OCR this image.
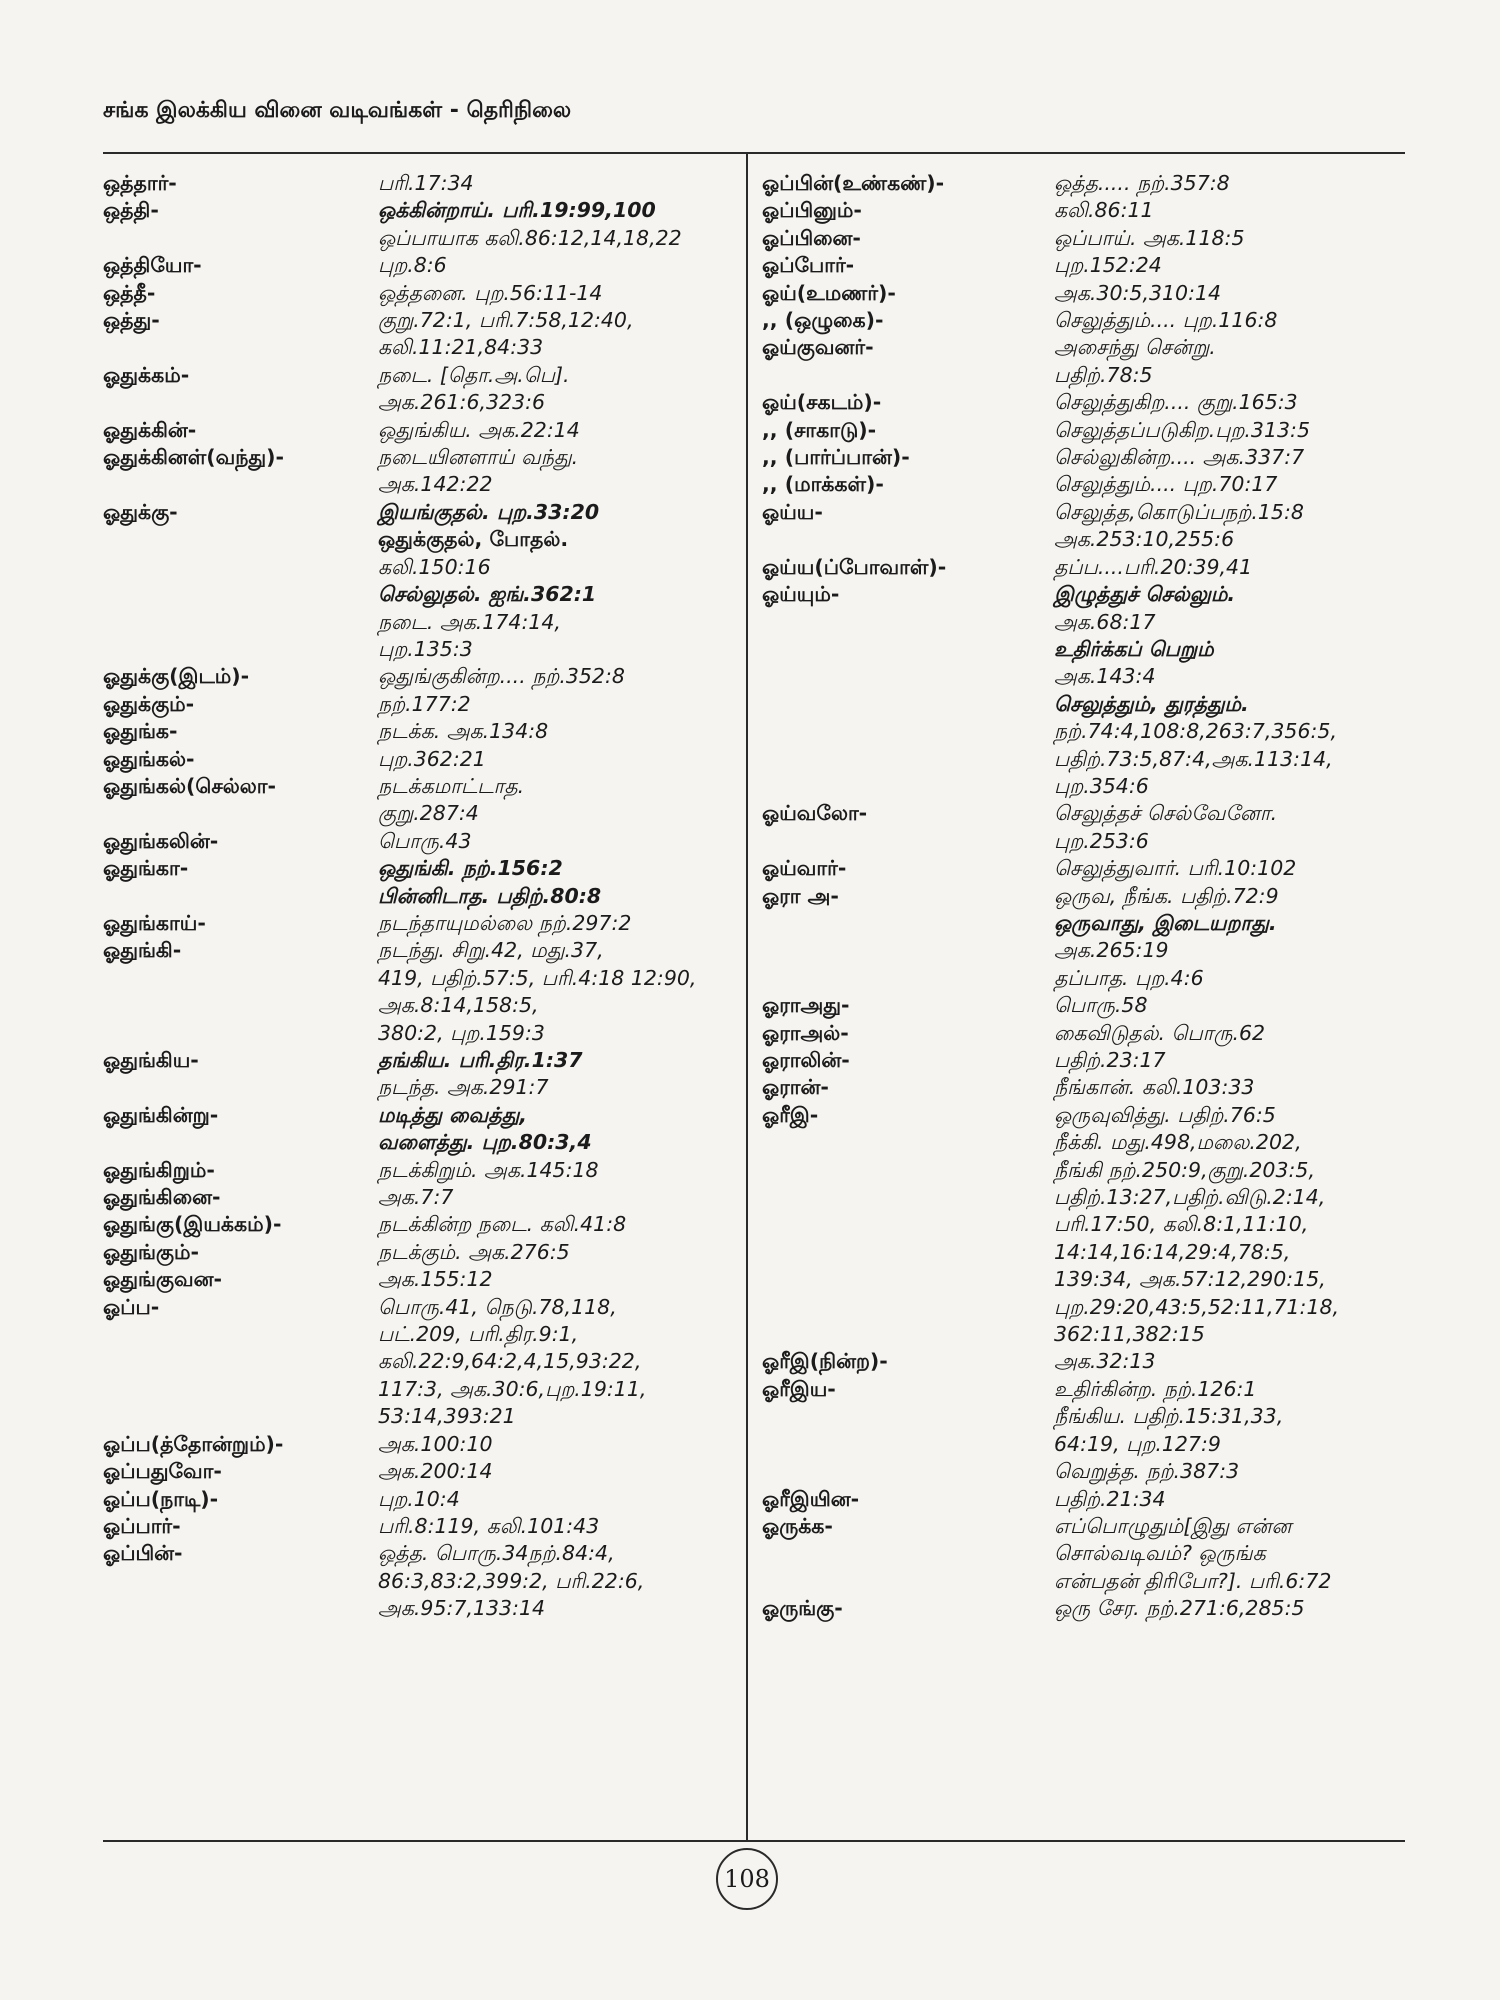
சங்க இலக்கிய வினை வடிவங்கள் - தெரிநிலை
ஒத்தார்-	பரி.17:34
ஒத்தி-	ஒக்கின்றாய். பரி.19:99,100
ஒப்பாயாக கலி.86:12,14,18,22
ஒத்தியோ-	புற.8:6
ஒத்தீ-	ஒத்தனை. புற.56:11-14
ஒத்து-	குறு.72:1, பரி.7:58,12:40,
கலி.11:21,84:33
ஓதுக்கம்-	நடை. [தொ.அ.பெ].
அக.261:6,323:6
ஓதுக்கின்-	ஒதுங்கிய. அக.22:14
ஓதுக்கினள்(வந்து)-	நடையினளாய் வந்து.
அக.142:22
ஓதுக்கு-	இயங்குதல். புற.33:20
ஒதுக்குதல், போதல்.
கலி.150:16
செல்லுதல். ஐங்.362:1
நடை. அக.174:14,
புற.135:3
ஓதுக்கு(இடம்)-	ஒதுங்குகின்ற.... நற்.352:8
ஓதுக்கும்-	நற்.177:2
ஓதுங்க-	நடக்க. அக.134:8
ஓதுங்கல்-	புற.362:21
ஓதுங்கல்(செல்லா-	நடக்கமாட்டாத.
குறு.287:4
ஓதுங்கலின்-	பொரு.43
ஓதுங்கா-	ஒதுங்கி. நற்.156:2
பின்னிடாத. பதிற்.80:8
ஓதுங்காய்-	நடந்தாயுமல்லை நற்.297:2
ஓதுங்கி-	நடந்து. சிறு.42, மது.37,
419, பதிற்.57:5, பரி.4:18 12:90,
அக.8:14,158:5,
380:2, புற.159:3
ஓதுங்கிய-	தங்கிய. பரி.திர.1:37
நடந்த. அக.291:7
ஓதுங்கின்று-	மடித்து வைத்து,
வளைத்து. புற.80:3,4
ஓதுங்கிறும்-	நடக்கிறும். அக.145:18
ஓதுங்கினை-	அக.7:7
ஓதுங்கு(இயக்கம்)-	நடக்கின்ற நடை. கலி.41:8
ஓதுங்கும்-	நடக்கும். அக.276:5
ஓதுங்குவன-	அக.155:12
ஓப்ப-	பொரு.41, நெடு.78,118,
பட்.209, பரி.திர.9:1,
கலி.22:9,64:2,4,15,93:22,
117:3, அக.30:6,புற.19:11,
53:14,393:21
ஓப்ப(த்தோன்றும்)-	அக.100:10
ஓப்பதுவோ-	அக.200:14
ஓப்ப(நாடி)-	புற.10:4
ஓப்பார்-	பரி.8:119, கலி.101:43
ஓப்பின்-	ஒத்த. பொரு.34நற்.84:4,
86:3,83:2,399:2, பரி.22:6,
அக.95:7,133:14
ஓப்பின்(உண்கண்)-	ஒத்த..... நற்.357:8
ஓப்பினும்-	கலி.86:11
ஓப்பினை-	ஒப்பாய். அக.118:5
ஓப்போர்-	புற.152:24
ஓய்(உமணர்)-	அக.30:5,310:14
,, (ஒழுகை)-	செலுத்தும்.... புற.116:8
ஓய்குவனர்-	அசைந்து சென்று.
பதிற்.78:5
ஓய்(சகடம்)-	செலுத்துகிற.... குறு.165:3
,, (சாகாடு)-	செலுத்தப்படுகிற.புற.313:5
,, (பார்ப்பான்)-	செல்லுகின்ற.... அக.337:7
,, (மாக்கள்)-	செலுத்தும்.... புற.70:17
ஓய்ய-	செலுத்த,கொடுப்பநற்.15:8
அக.253:10,255:6
ஓய்ய(ப்போவாள்)-	தப்ப....பரி.20:39,41
ஓய்யும்-	இழுத்துச் செல்லும்.
அக.68:17
உதிர்க்கப் பெறும்
அக.143:4
செலுத்தும், துரத்தும்.
நற்.74:4,108:8,263:7,356:5,
பதிற்.73:5,87:4,அக.113:14,
புற.354:6
ஓய்வலோ-	செலுத்தச் செல்வேனோ.
புற.253:6
ஓய்வார்-	செலுத்துவார். பரி.10:102
ஓரா அ-	ஒருவ, நீங்க. பதிற்.72:9
ஒருவாது, இடையறாது.
அக.265:19
தப்பாத. புற.4:6
ஓராஅது-	பொரு.58
ஓராஅல்-	கைவிடுதல். பொரு.62
ஓராலின்-	பதிற்.23:17
ஓரான்-	நீங்கான். கலி.103:33
ஓரீஇ-	ஒருவுவித்து. பதிற்.76:5
நீக்கி. மது.498,மலை.202,
நீங்கி நற்.250:9,குறு.203:5,
பதிற்.13:27,பதிற்.விடு.2:14,
பரி.17:50, கலி.8:1,11:10,
14:14,16:14,29:4,78:5,
139:34, அக.57:12,290:15,
புற.29:20,43:5,52:11,71:18,
362:11,382:15
ஓரீஇ(நின்ற)-	அக.32:13
ஓரீஇய-	உதிர்கின்ற. நற்.126:1
நீங்கிய. பதிற்.15:31,33,
64:19, புற.127:9
வெறுத்த. நற்.387:3
ஓரீஇயின-	பதிற்.21:34
ஓருக்க-	எப்பொழுதும்[இது என்ன
சொல்வடிவம்? ஒருங்க
என்பதன் திரிபோ?]. பரி.6:72
ஓருங்கு-	ஒரு சேர. நற்.271:6,285:5
108
